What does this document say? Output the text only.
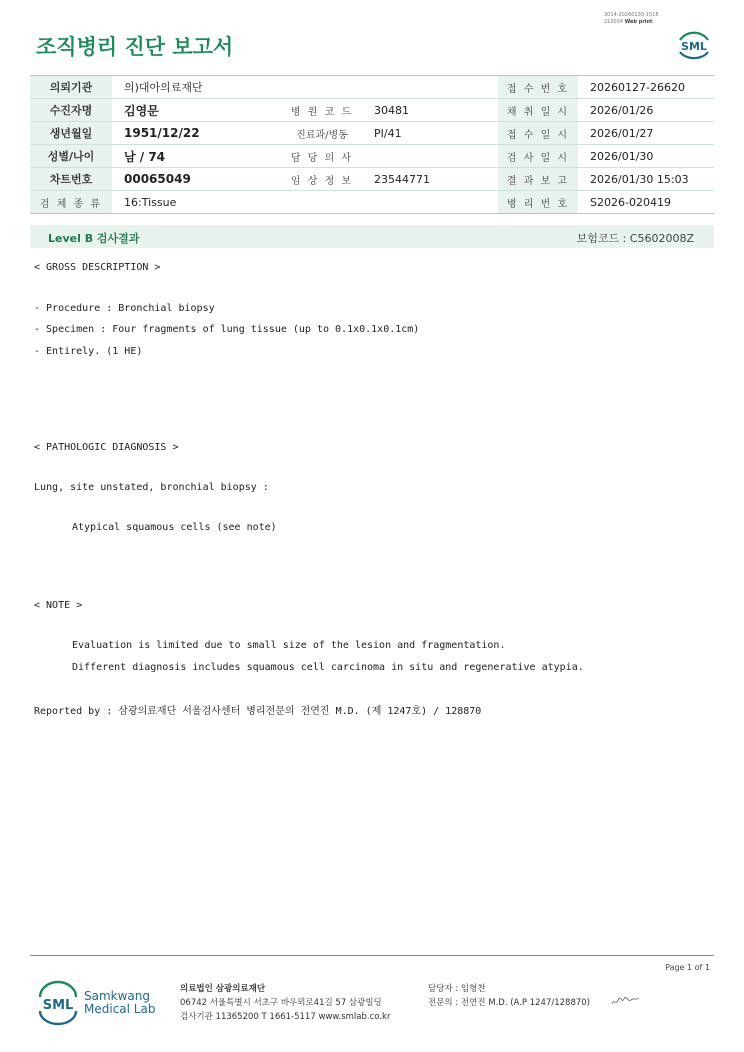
3014-20260130-1518
210034 Web print
조직병리 진단 보고서	SML
의뢰기관	의)대아의료재단			접 수 번 호	20260127-26620
수진자명	김영문	병 원 코 드	30481	채 취 일 시	2026/01/26
생년월일	1951/12/22	진료과/병동	PI/41	접 수 일 시	2026/01/27
성별/나이	남 / 74	담 당 의 사		검 사 일 시	2026/01/30
차트번호	00065049	임 상 정 보	23544771	결 과 보 고	2026/01/30 15:03
검 체 종 류	16:Tissue			병 리 번 호	S2026-020419
Level B 검사결과	보험코드 : C5602008Z
< GROSS DESCRIPTION >
- Procedure : Bronchial biopsy
- Specimen : Four fragments of lung tissue (up to 0.1x0.1x0.1cm)
- Entirely. (1 HE)
< PATHOLOGIC DIAGNOSIS >
Lung, site unstated, bronchial biopsy :
Atypical squamous cells (see note)
< NOTE >
Evaluation is limited due to small size of the lesion and fragmentation.
Different diagnosis includes squamous cell carcinoma in situ and regenerative atypia.
Reported by : 삼광의료재단 서울검사센터 병리전문의 전연진 M.D. (제 1247호) / 128870
Page 1 of 1
SML
Samkwang
Medical Lab
의료법인 삼광의료재단
06742 서울특별시 서초구 바우뫼로41길 57 삼광빌딩
검사기관 11365200 T 1661-5117 www.smlab.co.kr
담당자 : 임형찬
전문의 : 전연진 M.D. (A.P 1247/128870)
